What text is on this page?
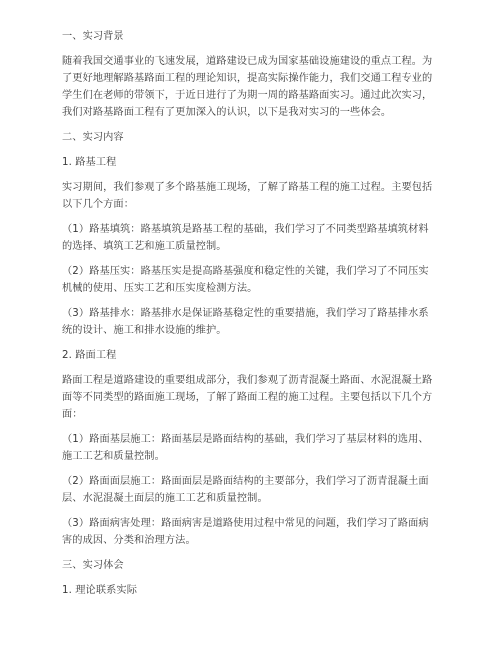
一、实习背景
随着我国交通事业的飞速发展，道路建设已成为国家基础设施建设的重点工程。为
了更好地理解路基路面工程的理论知识，提高实际操作能力，我们交通工程专业的
学生们在老师的带领下，于近日进行了为期一周的路基路面实习。通过此次实习，
我们对路基路面工程有了更加深入的认识，以下是我对实习的一些体会。
二、实习内容
1. 路基工程
实习期间，我们参观了多个路基施工现场，了解了路基工程的施工过程。主要包括
以下几个方面：
（1）路基填筑：路基填筑是路基工程的基础，我们学习了不同类型路基填筑材料
的选择、填筑工艺和施工质量控制。
（2）路基压实：路基压实是提高路基强度和稳定性的关键，我们学习了不同压实
机械的使用、压实工艺和压实度检测方法。
（3）路基排水：路基排水是保证路基稳定性的重要措施，我们学习了路基排水系
统的设计、施工和排水设施的维护。
2. 路面工程
路面工程是道路建设的重要组成部分，我们参观了沥青混凝土路面、水泥混凝土路
面等不同类型的路面施工现场，了解了路面工程的施工过程。主要包括以下几个方
面：
（1）路面基层施工：路面基层是路面结构的基础，我们学习了基层材料的选用、
施工工艺和质量控制。
（2）路面面层施工：路面面层是路面结构的主要部分，我们学习了沥青混凝土面
层、水泥混凝土面层的施工工艺和质量控制。
（3）路面病害处理：路面病害是道路使用过程中常见的问题，我们学习了路面病
害的成因、分类和治理方法。
三、实习体会
1. 理论联系实际
